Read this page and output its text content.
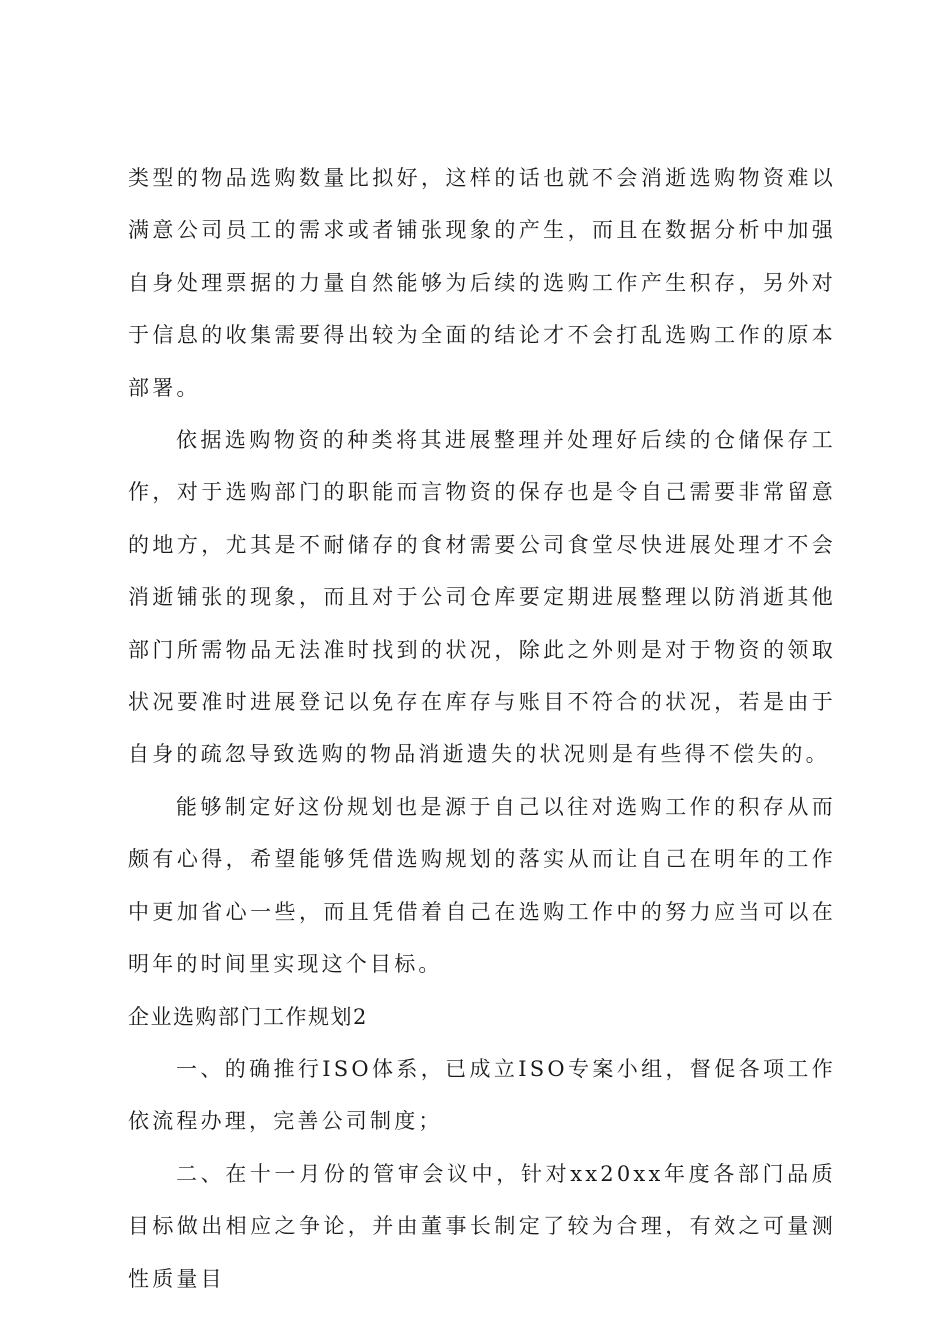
类型的物品选购数量比拟好，这样的话也就不会消逝选购物资难以满意公司员工的需求或者铺张现象的产生，而且在数据分析中加强自身处理票据的力量自然能够为后续的选购工作产生积存，另外对于信息的收集需要得出较为全面的结论才不会打乱选购工作的原本部署。

依据选购物资的种类将其进展整理并处理好后续的仓储保存工作，对于选购部门的职能而言物资的保存也是令自己需要非常留意的地方，尤其是不耐储存的食材需要公司食堂尽快进展处理才不会消逝铺张的现象，而且对于公司仓库要定期进展整理以防消逝其他部门所需物品无法准时找到的状况，除此之外则是对于物资的领取状况要准时进展登记以免存在库存与账目不符合的状况，若是由于自身的疏忽导致选购的物品消逝遗失的状况则是有些得不偿失的。

能够制定好这份规划也是源于自己以往对选购工作的积存从而颇有心得，希望能够凭借选购规划的落实从而让自己在明年的工作中更加省心一些，而且凭借着自己在选购工作中的努力应当可以在明年的时间里实现这个目标。

企业选购部门工作规划2

一、的确推行ISO体系，已成立ISO专案小组，督促各项工作依流程办理，完善公司制度；

二、在十一月份的管审会议中，针对xx20xx年度各部门品质目标做出相应之争论，并由董事长制定了较为合理，有效之可量测性质量目
